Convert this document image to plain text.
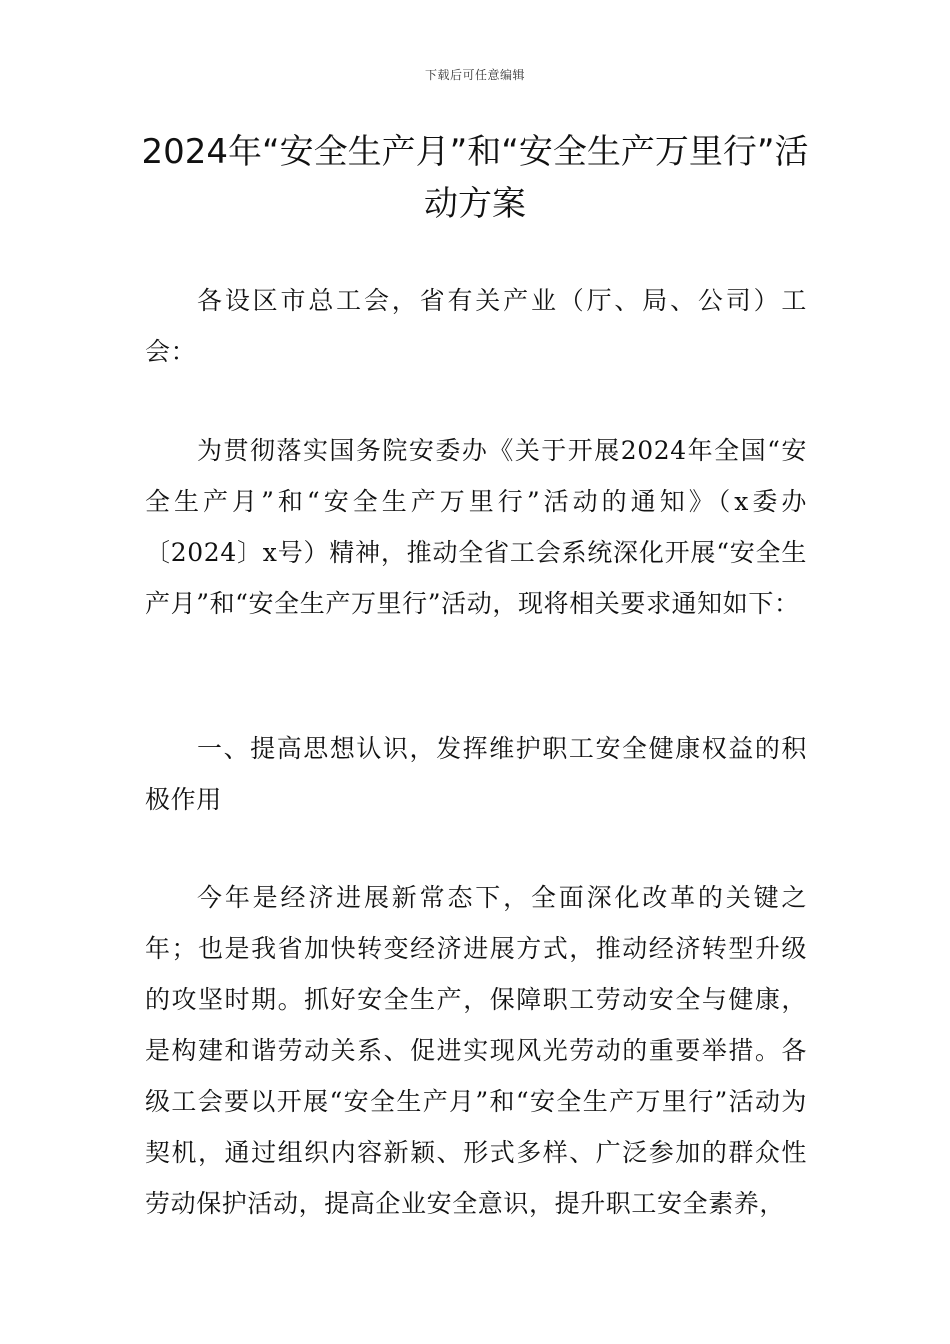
下载后可任意编辑
2024年“安全生产月”和“安全生产万里行”活动方案

各设区市总工会，省有关产业（厅、局、公司）工会：

为贯彻落实国务院安委办《关于开展2024年全国“安全生产月”和“安全生产万里行”活动的通知》（x委办〔2024〕x号）精神，推动全省工会系统深化开展“安全生产月”和“安全生产万里行”活动，现将相关要求通知如下：

一、提高思想认识，发挥维护职工安全健康权益的积极作用

今年是经济进展新常态下，全面深化改革的关键之年；也是我省加快转变经济进展方式，推动经济转型升级的攻坚时期。抓好安全生产，保障职工劳动安全与健康，是构建和谐劳动关系、促进实现风光劳动的重要举措。各级工会要以开展“安全生产月”和“安全生产万里行”活动为契机，通过组织内容新颖、形式多样、广泛参加的群众性劳动保护活动，提高企业安全意识，提升职工安全素养，
